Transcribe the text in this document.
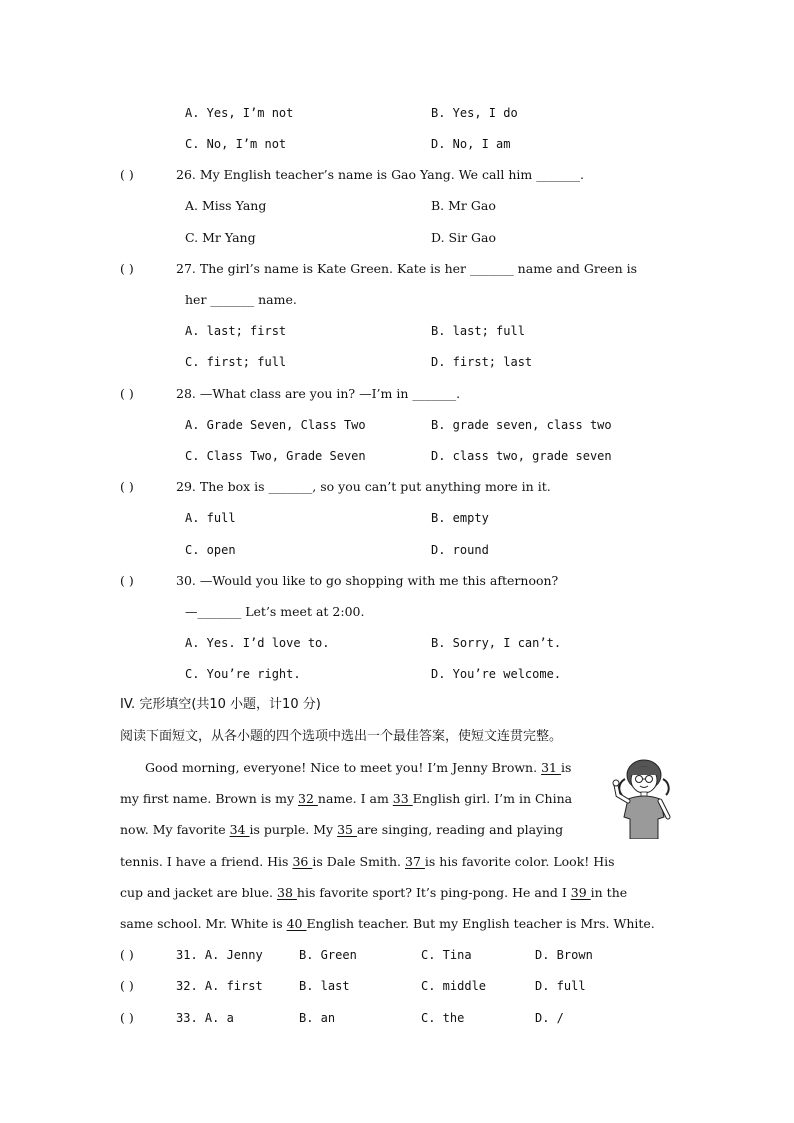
A. Yes, I’m not	B. Yes, I do
C. No, I’m not	D. No, I am
( )	26. My English teacher’s name is Gao Yang. We call him _______.
A. Miss Yang	B. Mr Gao
C. Mr Yang	D. Sir Gao
( )	27. The girl’s name is Kate Green. Kate is her _______ name and Green is
her _______ name.
A. last; first	B. last; full
C. first; full	D. first; last
( )	28. —What class are you in? —I’m in _______.
A. Grade Seven, Class Two	B. grade seven, class two
C. Class Two, Grade Seven	D. class two, grade seven
( )	29. The box is _______, so you can’t put anything more in it.
A. full	B. empty
C. open	D. round
( )	30. —Would you like to go shopping with me this afternoon?
—_______ Let’s meet at 2:00.
A. Yes. I’d love to.	B. Sorry, I can’t.
C. You’re right.	D. You’re welcome.
IV. 完形填空(共10 小题，计10 分)
阅读下面短文，从各小题的四个选项中选出一个最佳答案，使短文连贯完整。
Good morning, everyone! Nice to meet you! I’m Jenny Brown. 31 is
my first name. Brown is my 32 name. I am 33 English girl. I’m in China
now. My favorite 34 is purple. My 35 are singing, reading and playing
tennis. I have a friend. His 36 is Dale Smith. 37 is his favorite color. Look! His
cup and jacket are blue. 38 his favorite sport? It’s ping-pong. He and I 39 in the
same school. Mr. White is 40 English teacher. But my English teacher is Mrs. White.
( )	31. A. Jenny	B. Green	C. Tina	D. Brown
( )	32. A. first	B. last	C. middle	D. full
( )	33. A. a	B. an	C. the	D. /
